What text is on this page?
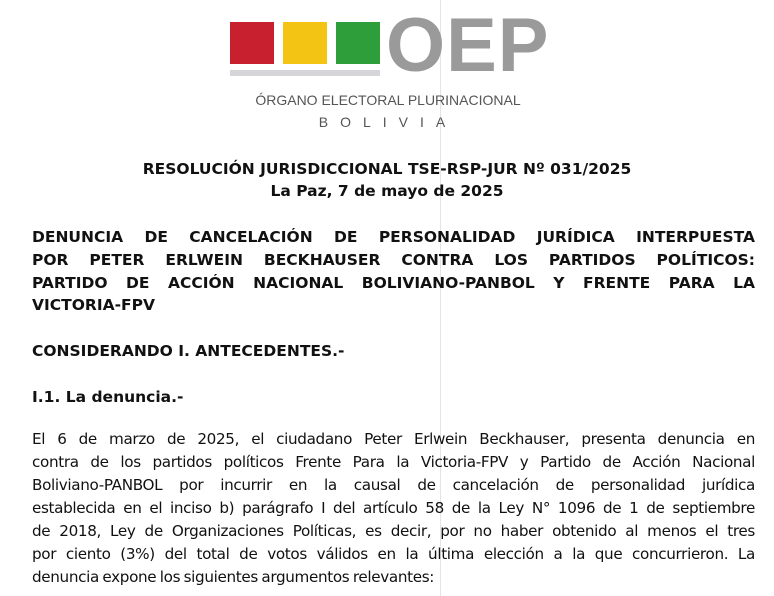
OEP
ÓRGANO ELECTORAL PLURINACIONAL
BOLIVIA
RESOLUCIÓN JURISDICCIONAL TSE-RSP-JUR Nº 031/2025
La Paz, 7 de mayo de 2025
DENUNCIA DE CANCELACIÓN DE PERSONALIDAD JURÍDICA INTERPUESTA
POR PETER ERLWEIN BECKHAUSER CONTRA LOS PARTIDOS POLÍTICOS:
PARTIDO DE ACCIÓN NACIONAL BOLIVIANO-PANBOL Y FRENTE PARA LA
VICTORIA-FPV
CONSIDERANDO I. ANTECEDENTES.-
I.1. La denuncia.-
El 6 de marzo de 2025, el ciudadano Peter Erlwein Beckhauser, presenta denuncia en
contra de los partidos políticos Frente Para la Victoria-FPV y Partido de Acción Nacional
Boliviano-PANBOL por incurrir en la causal de cancelación de personalidad jurídica
establecida en el inciso b) parágrafo I del artículo 58 de la Ley N° 1096 de 1 de septiembre
de 2018, Ley de Organizaciones Políticas, es decir, por no haber obtenido al menos el tres
por ciento (3%) del total de votos válidos en la última elección a la que concurrieron. La
denuncia expone los siguientes argumentos relevantes:
